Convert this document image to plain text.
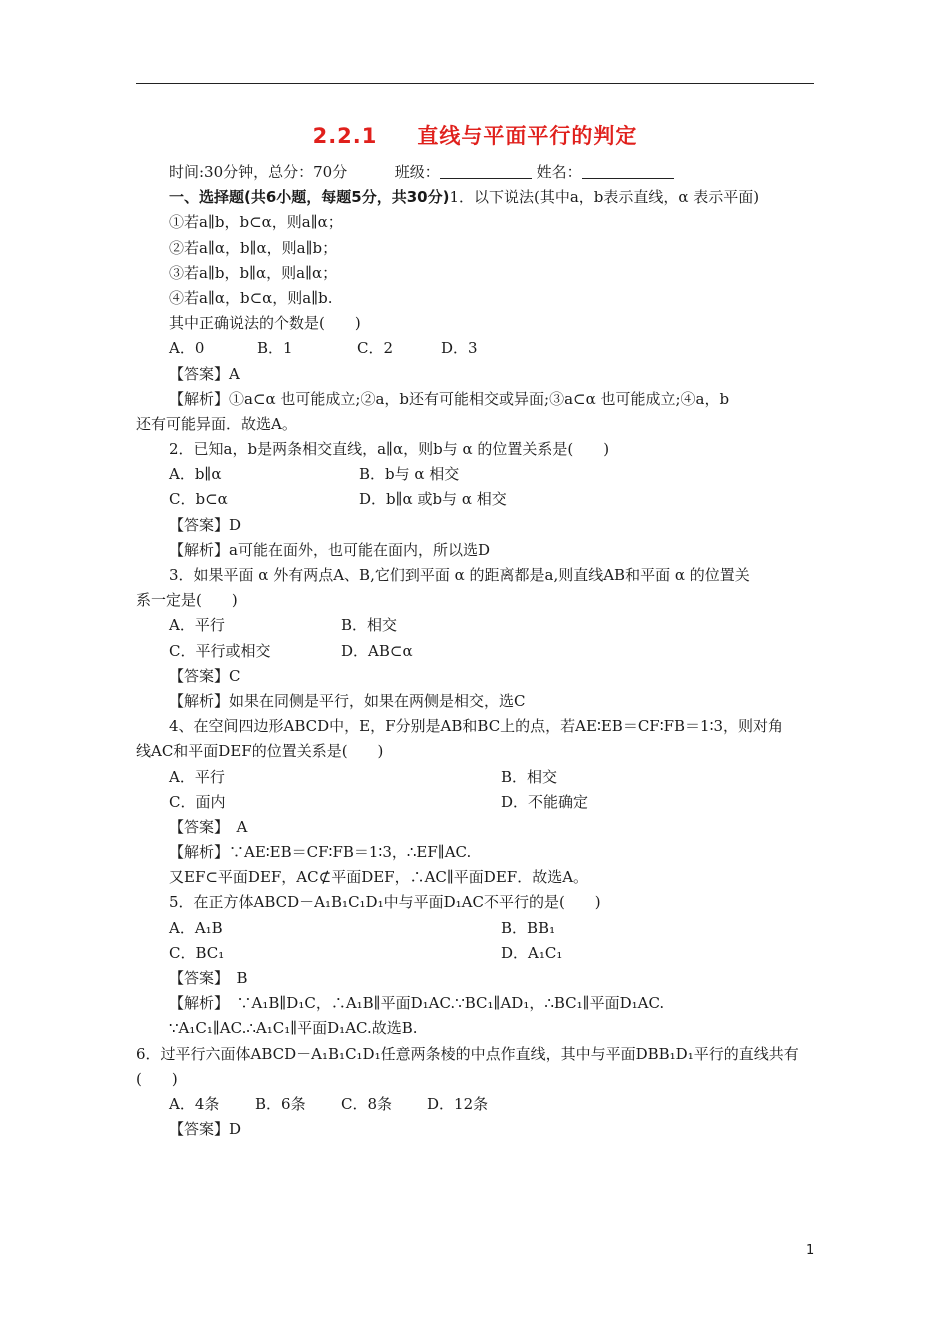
2.2.1 直线与平面平行的判定
时间:30分钟，总分：70分	班级：	姓名：
一、选择题(共6小题，每题5分，共30分)1．以下说法(其中a，b表示直线，α 表示平面)
①若a∥b，b⊂α，则a∥α；
②若a∥α，b∥α，则a∥b；
③若a∥b，b∥α，则a∥α；
④若a∥α，b⊂α，则a∥b.
其中正确说法的个数是(　　)
A．0	B．1	C．2	D．3
【答案】A
【解析】①a⊂α 也可能成立;②a，b还有可能相交或异面;③a⊂α 也可能成立;④a，b
还有可能异面．故选A。
2．已知a，b是两条相交直线，a∥α，则b与 α 的位置关系是(　　)
A．b∥α	B．b与 α 相交
C．b⊂α	D．b∥α 或b与 α 相交
【答案】D
【解析】a可能在面外，也可能在面内，所以选D
3．如果平面 α 外有两点A、B,它们到平面 α 的距离都是a,则直线AB和平面 α 的位置关
系一定是(　　)
A．平行	B．相交
C．平行或相交	D．AB⊂α
【答案】C
【解析】如果在同侧是平行，如果在两侧是相交，选C
4、在空间四边形ABCD中，E，F分别是AB和BC上的点，若AE∶EB＝CF∶FB＝1∶3，则对角
线AC和平面DEF的位置关系是(　　)
A．平行	B．相交
C．面内	D．不能确定
【答案】　A
【解析】∵AE∶EB＝CF∶FB＝1∶3，∴EF∥AC.
又EF⊂平面DEF，AC⊄平面DEF，∴AC∥平面DEF．故选A。
5．在正方体ABCD－A₁B₁C₁D₁中与平面D₁AC不平行的是(　　)
A．A₁B	B．BB₁
C．BC₁	D．A₁C₁
【答案】　B
【解析】　∵A₁B∥D₁C，∴A₁B∥平面D₁AC.∵BC₁∥AD₁，∴BC₁∥平面D₁AC.
∵A₁C₁∥AC.∴A₁C₁∥平面D₁AC.故选B.
6．过平行六面体ABCD－A₁B₁C₁D₁任意两条棱的中点作直线，其中与平面DBB₁D₁平行的直线共有
(　　)
A．4条 B．6条 C．8条 D．12条
【答案】D
1
